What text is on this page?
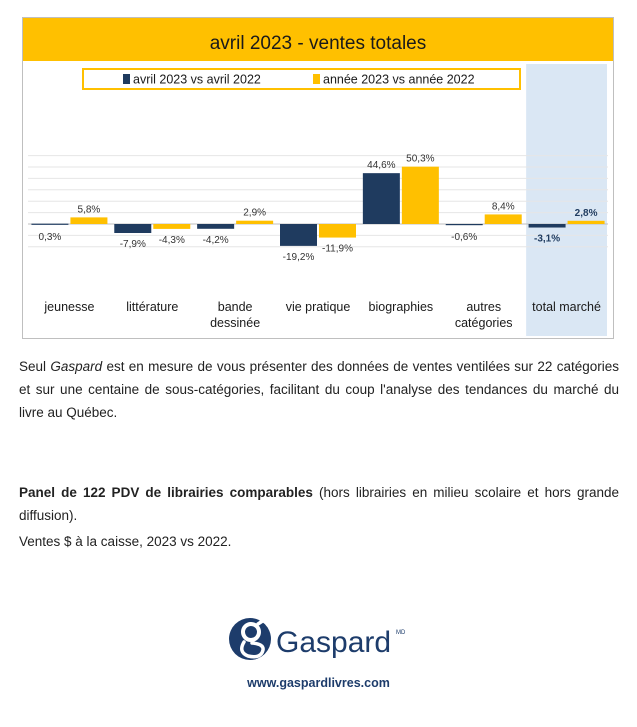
avril 2023 - ventes totales
avril 2023 vs avril 2022	année 2023 vs année 2022
0,3%
5,8%
jeunesse
-7,9% -4,3%
littérature
-4,2%
2,9%
bande
dessinée
-19,2%
-11,9%
vie pratique
44,6%
50,3%
biographies
-0,6%
8,4%
autres
catégories
-3,1%
2,8%
total marché

Seul Gaspard est en mesure de vous présenter des données de ventes ventilées sur 22 catégories et sur une centaine de sous-catégories, facilitant du coup l'analyse des tendances du marché du livre au Québec.

Panel de 122 PDV de librairies comparables (hors librairies en milieu scolaire et hors grande diffusion).

Ventes $ à la caisse, 2023 vs 2022.

Gaspard MD
www.gaspardlivres.com
